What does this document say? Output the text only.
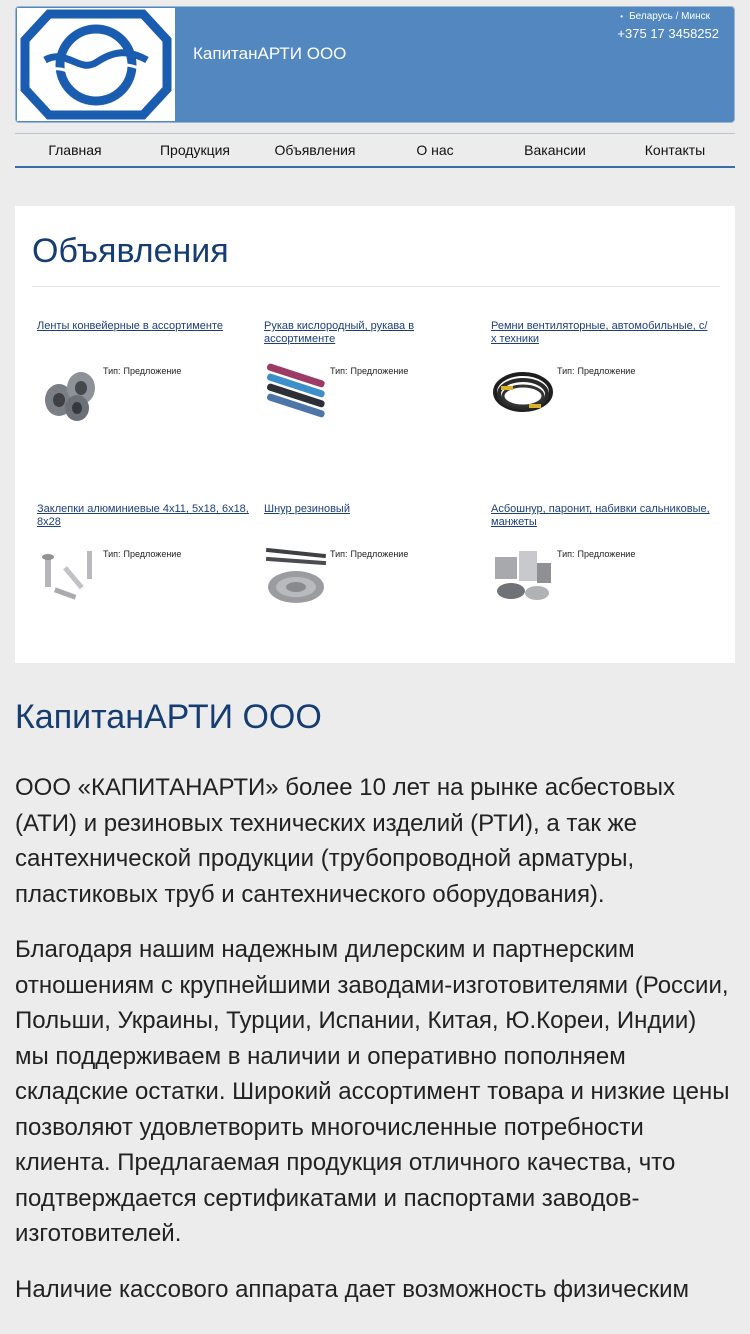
КапитанАРТИ ООО
• Беларусь / Минск
+375 17 3458252
Главная	Продукция	Объявления	О нас	Вакансии	Контакты
Объявления
Ленты конвейерные в ассортименте
Тип: Предложение
Рукав кислородный, рукава в ассортименте
Тип: Предложение
Ремни вентиляторные, автомобильные, с/х техники
Тип: Предложение
Заклепки алюминиевые 4х11, 5х18, 6х18, 8х28
Тип: Предложение
Шнур резиновый
Тип: Предложение
Асбошнур, паронит, набивки сальниковые, манжеты
Тип: Предложение
КапитанАРТИ ООО

ООО «КАПИТАНАРТИ» более 10 лет на рынке асбестовых (АТИ) и резиновых технических изделий (РТИ), а так же сантехнической продукции (трубопроводной арматуры, пластиковых труб и сантехнического оборудования).

Благодаря нашим надежным дилерским и партнерским отношениям с крупнейшими заводами-изготовителями (России, Польши, Украины, Турции, Испании, Китая, Ю.Кореи, Индии) мы поддерживаем в наличии и оперативно пополняем складские остатки. Широкий ассортимент товара и низкие цены позволяют удовлетворить многочисленные потребности клиента. Предлагаемая продукция отличного качества, что подтверждается сертификатами и паспортами заводов-изготовителей.

Наличие кассового аппарата дает возможность физическим
